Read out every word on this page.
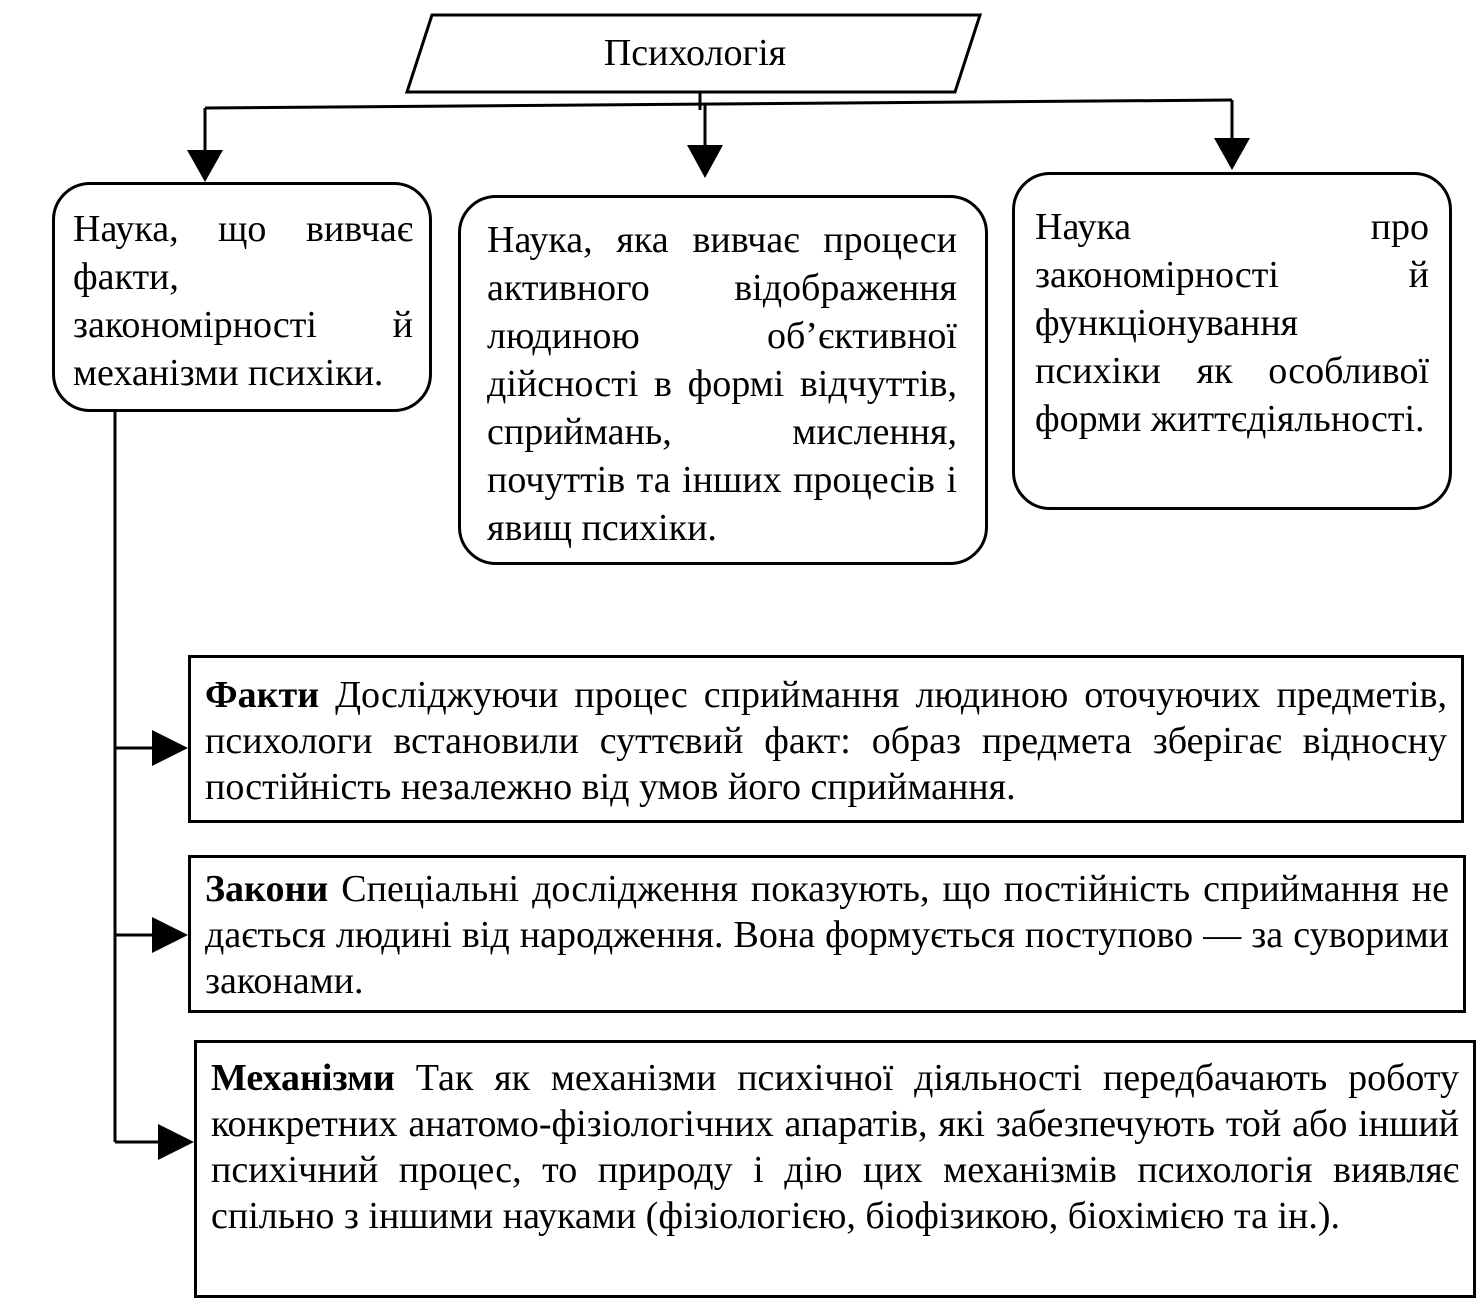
Психологія
Наука, що вивчає факти, закономірності й механізми психіки.
Наука, яка вивчає процеси активного відображення людиною об’єктивної дійсності в формі відчуттів, сприймань, мислення, почуттів та інших процесів і явищ психіки.
Наука про закономірності й функціонування психіки як особливої форми життєдіяльності.
Факти Досліджуючи процес сприймання людиною оточуючих предметів, психологи встановили суттєвий факт: образ предмета зберігає відносну постійність незалежно від умов його сприймання.
Закони Спеціальні дослідження показують, що постійність сприймання не дається людині від народження. Вона формується поступово — за суворими законами.
Механізми Так як механізми психічної діяльності передбачають роботу конкретних анатомо-фізіологічних апаратів, які забезпечують той або інший психічний процес, то природу і дію цих механізмів психологія виявляє спільно з іншими науками (фізіологією, біофізикою, біохімією та ін.).
